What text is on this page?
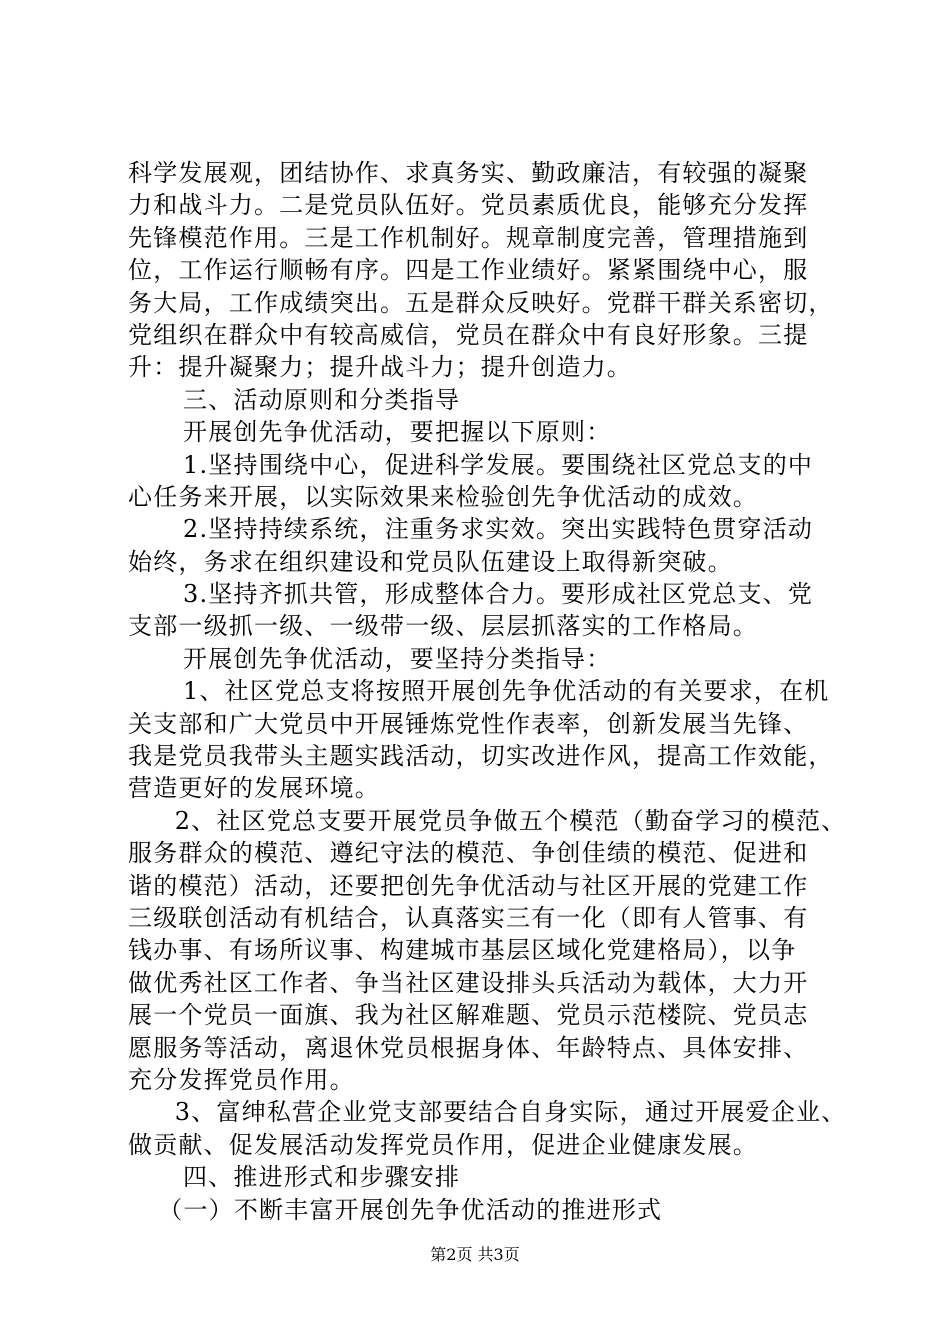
科学发展观，团结协作、求真务实、勤政廉洁，有较强的凝聚
力和战斗力。二是党员队伍好。党员素质优良，能够充分发挥
先锋模范作用。三是工作机制好。规章制度完善，管理措施到
位，工作运行顺畅有序。四是工作业绩好。紧紧围绕中心，服
务大局，工作成绩突出。五是群众反映好。党群干群关系密切，
党组织在群众中有较高威信，党员在群众中有良好形象。三提
升：提升凝聚力；提升战斗力；提升创造力。
三、活动原则和分类指导
开展创先争优活动，要把握以下原则：
1.坚持围绕中心，促进科学发展。要围绕社区党总支的中
心任务来开展，以实际效果来检验创先争优活动的成效。
2.坚持持续系统，注重务求实效。突出实践特色贯穿活动
始终，务求在组织建设和党员队伍建设上取得新突破。
3.坚持齐抓共管，形成整体合力。要形成社区党总支、党
支部一级抓一级、一级带一级、层层抓落实的工作格局。
开展创先争优活动，要坚持分类指导：
1、社区党总支将按照开展创先争优活动的有关要求，在机
关支部和广大党员中开展锤炼党性作表率，创新发展当先锋、
我是党员我带头主题实践活动，切实改进作风，提高工作效能，
营造更好的发展环境。
2、社区党总支要开展党员争做五个模范（勤奋学习的模范、
服务群众的模范、遵纪守法的模范、争创佳绩的模范、促进和
谐的模范）活动，还要把创先争优活动与社区开展的党建工作
三级联创活动有机结合，认真落实三有一化（即有人管事、有
钱办事、有场所议事、构建城市基层区域化党建格局），以争
做优秀社区工作者、争当社区建设排头兵活动为载体，大力开
展一个党员一面旗、我为社区解难题、党员示范楼院、党员志
愿服务等活动，离退休党员根据身体、年龄特点、具体安排、
充分发挥党员作用。
3、富绅私营企业党支部要结合自身实际，通过开展爱企业、
做贡献、促发展活动发挥党员作用，促进企业健康发展。
四、推进形式和步骤安排
（一）不断丰富开展创先争优活动的推进形式
第2页 共3页
